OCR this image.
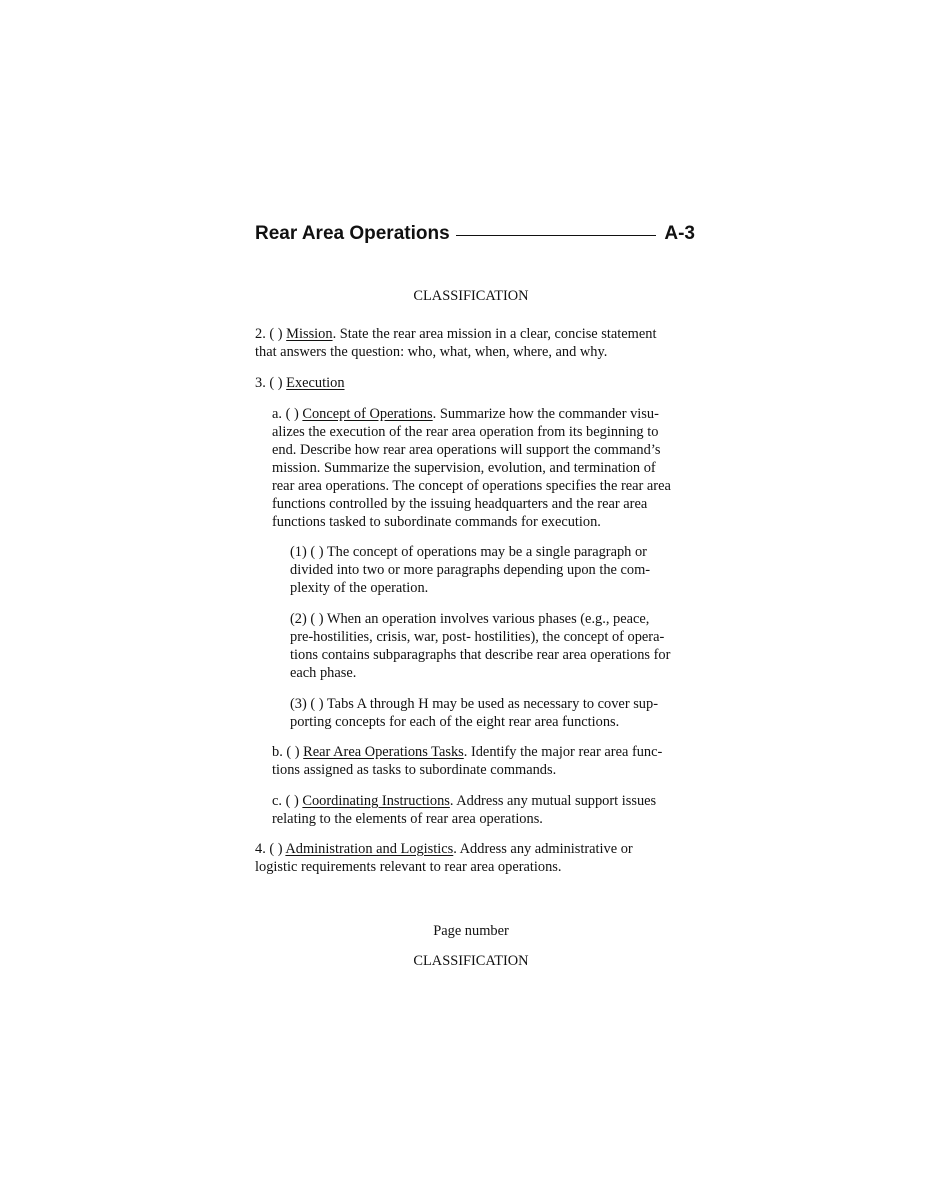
Rear Area Operations	A-3
CLASSIFICATION
2. ( ) Mission. State the rear area mission in a clear, concise statement
that answers the question: who, what, when, where, and why.
3. ( ) Execution
a. ( ) Concept of Operations. Summarize how the commander visu-
alizes the execution of the rear area operation from its beginning to
end. Describe how rear area operations will support the command’s
mission. Summarize the supervision, evolution, and termination of
rear area operations. The concept of operations specifies the rear area
functions controlled by the issuing headquarters and the rear area
functions tasked to subordinate commands for execution.
(1) ( ) The concept of operations may be a single paragraph or
divided into two or more paragraphs depending upon the com-
plexity of the operation.
(2) ( ) When an operation involves various phases (e.g., peace,
pre-hostilities, crisis, war, post- hostilities), the concept of opera-
tions contains subparagraphs that describe rear area operations for
each phase.
(3) ( ) Tabs A through H may be used as necessary to cover sup-
porting concepts for each of the eight rear area functions.
b. ( ) Rear Area Operations Tasks. Identify the major rear area func-
tions assigned as tasks to subordinate commands.
c. ( ) Coordinating Instructions. Address any mutual support issues
relating to the elements of rear area operations.
4. ( ) Administration and Logistics. Address any administrative or
logistic requirements relevant to rear area operations.
Page number
CLASSIFICATION
